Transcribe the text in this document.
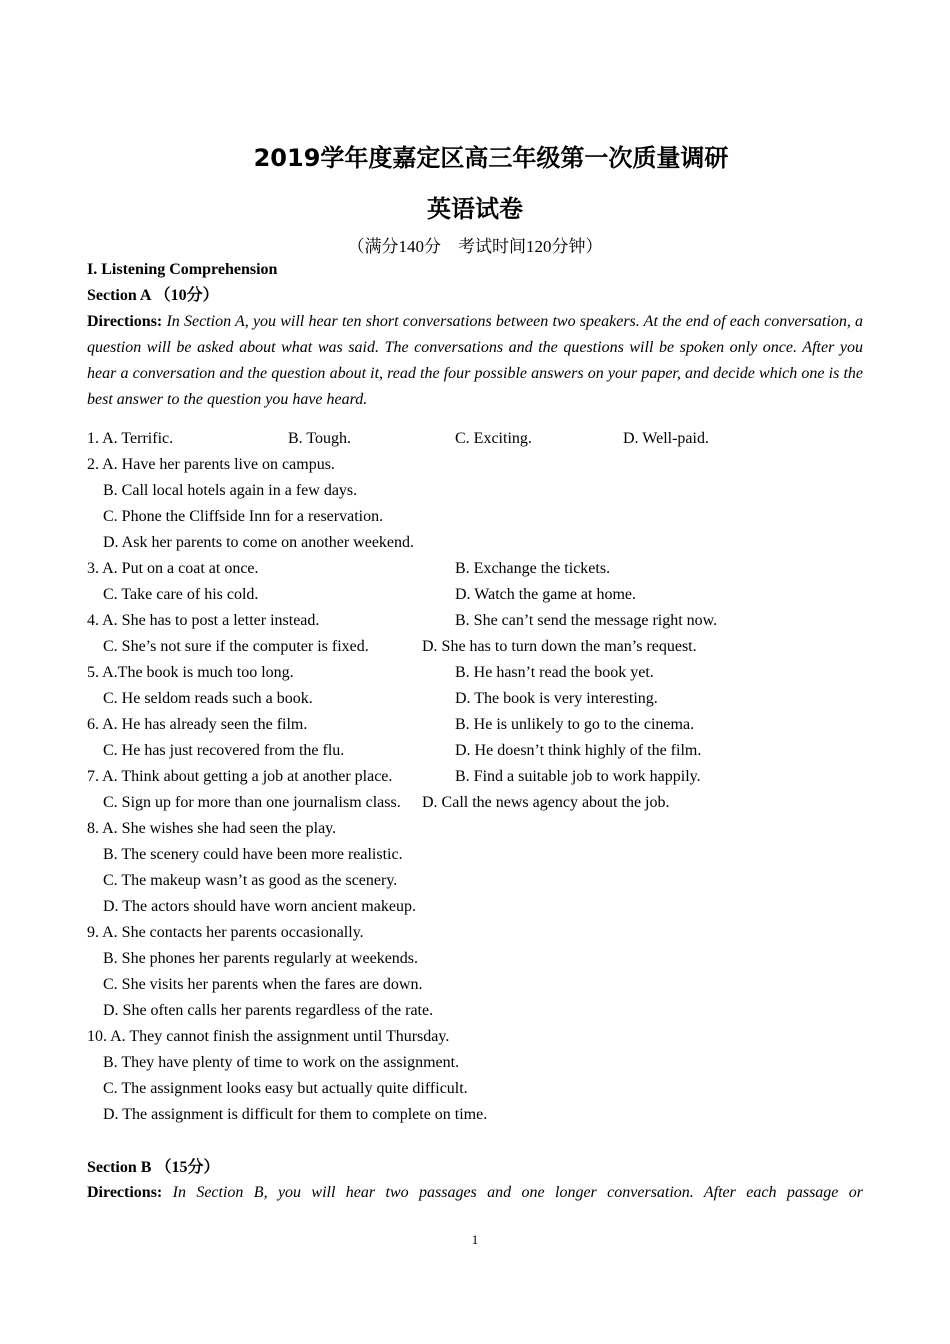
2019学年度嘉定区高三年级第一次质量调研
英语试卷
（满分140分　考试时间120分钟）
I. Listening Comprehension
Section A （10分）
Directions: In Section A, you will hear ten short conversations between two speakers. At the end of each conversation, a question will be asked about what was said. The conversations and the questions will be spoken only once. After you hear a conversation and the question about it, read the four possible answers on your paper, and decide which one is the best answer to the question you have heard.
1. A. Terrific.	B. Tough.	C. Exciting.	D. Well-paid.
2. A. Have her parents live on campus.
B. Call local hotels again in a few days.
C. Phone the Cliffside Inn for a reservation.
D. Ask her parents to come on another weekend.
3. A. Put on a coat at once.	B. Exchange the tickets.
C. Take care of his cold.	D. Watch the game at home.
4. A. She has to post a letter instead.	B. She can’t send the message right now.
C. She’s not sure if the computer is fixed.	D. She has to turn down the man’s request.
5. A.The book is much too long.	B. He hasn’t read the book yet.
C. He seldom reads such a book.	D. The book is very interesting.
6. A. He has already seen the film.	B. He is unlikely to go to the cinema.
C. He has just recovered from the flu.	D. He doesn’t think highly of the film.
7. A. Think about getting a job at another place.	B. Find a suitable job to work happily.
C. Sign up for more than one journalism class. D. Call the news agency about the job.
8. A. She wishes she had seen the play.
B. The scenery could have been more realistic.
C. The makeup wasn’t as good as the scenery.
D. The actors should have worn ancient makeup.
9. A. She contacts her parents occasionally.
B. She phones her parents regularly at weekends.
C. She visits her parents when the fares are down.
D. She often calls her parents regardless of the rate.
10. A. They cannot finish the assignment until Thursday.
B. They have plenty of time to work on the assignment.
C. The assignment looks easy but actually quite difficult.
D. The assignment is difficult for them to complete on time.
Section B （15分）
Directions: In Section B, you will hear two passages and one longer conversation. After each passage or
1
